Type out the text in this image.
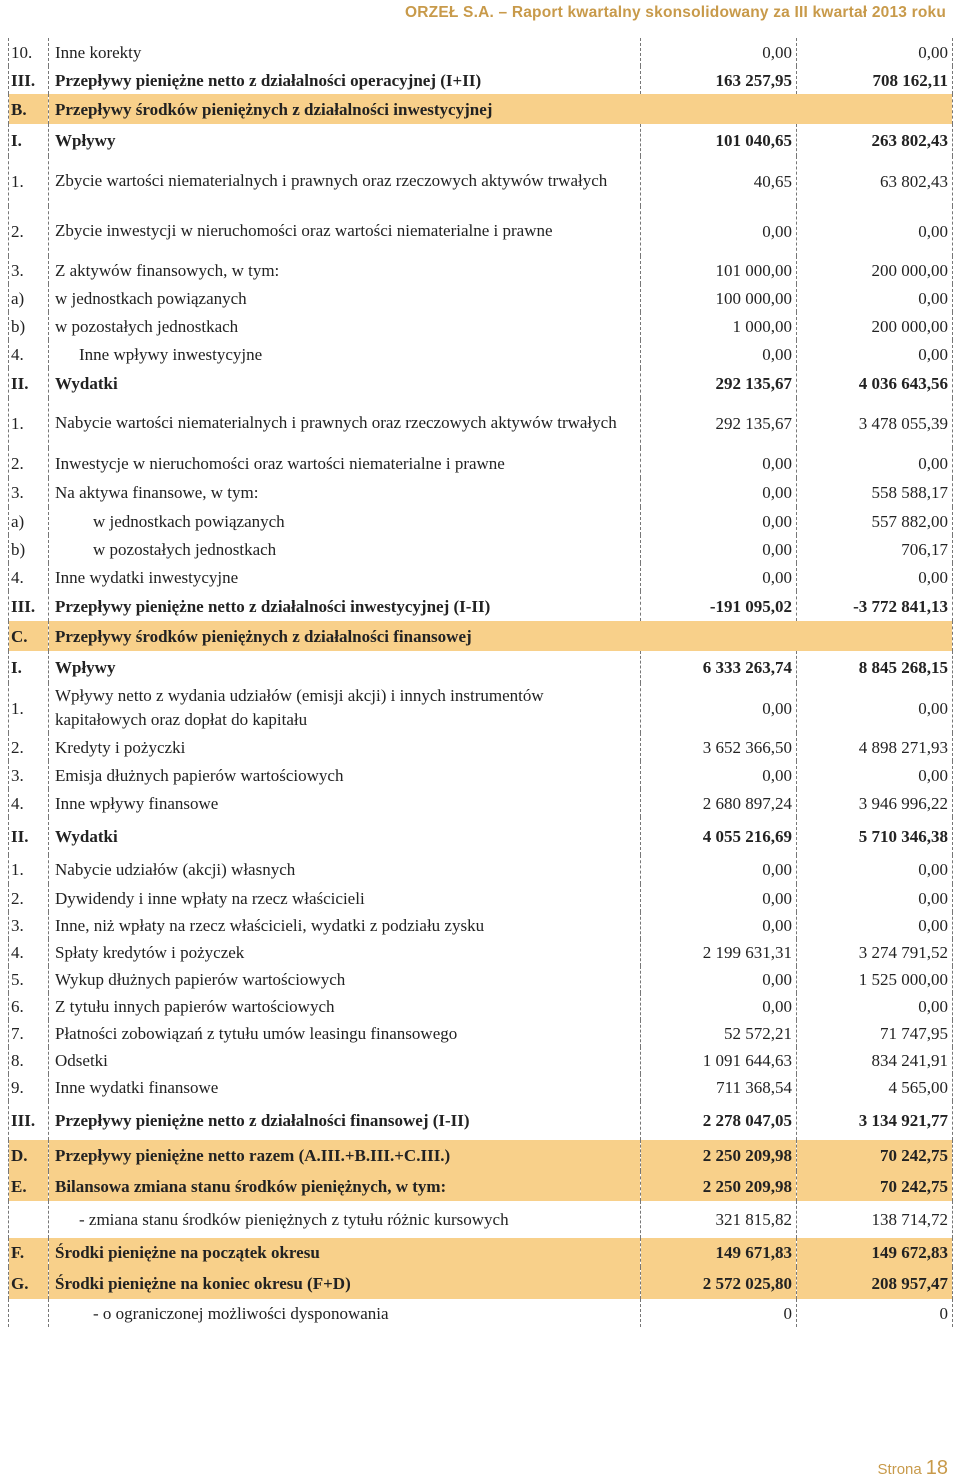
ORZEŁ S.A. – Raport kwartalny skonsolidowany za III kwartał 2013 roku
10.	Inne korekty	0,00	0,00
III.	Przepływy pieniężne netto z działalności operacyjnej (I+II)	163 257,95	708 162,11
B.	Przepływy środków pieniężnych z działalności inwestycyjnej		
I.	Wpływy	101 040,65	263 802,43
1.	Zbycie wartości niematerialnych i prawnych oraz rzeczowych aktywów trwałych	40,65	63 802,43
2.	Zbycie inwestycji w nieruchomości oraz wartości niematerialne i prawne	0,00	0,00
3.	Z aktywów finansowych, w tym:	101 000,00	200 000,00
a)	w jednostkach powiązanych	100 000,00	0,00
b)	w pozostałych jednostkach	1 000,00	200 000,00
4.	Inne wpływy inwestycyjne	0,00	0,00
II.	Wydatki	292 135,67	4 036 643,56
1.	Nabycie wartości niematerialnych i prawnych oraz rzeczowych aktywów trwałych	292 135,67	3 478 055,39
2.	Inwestycje w nieruchomości oraz wartości niematerialne i prawne	0,00	0,00
3.	Na aktywa finansowe, w tym:	0,00	558 588,17
a)	w jednostkach powiązanych	0,00	557 882,00
b)	w pozostałych jednostkach	0,00	706,17
4.	Inne wydatki inwestycyjne	0,00	0,00
III.	Przepływy pieniężne netto z działalności inwestycyjnej (I-II)	-191 095,02	-3 772 841,13
C.	Przepływy środków pieniężnych z działalności finansowej		
I.	Wpływy	6 333 263,74	8 845 268,15
1.	Wpływy netto z wydania udziałów (emisji akcji) i innych instrumentów kapitałowych oraz dopłat do kapitału	0,00	0,00
2.	Kredyty i pożyczki	3 652 366,50	4 898 271,93
3.	Emisja dłużnych papierów wartościowych	0,00	0,00
4.	Inne wpływy finansowe	2 680 897,24	3 946 996,22
II.	Wydatki	4 055 216,69	5 710 346,38
1.	Nabycie udziałów (akcji) własnych	0,00	0,00
2.	Dywidendy i inne wpłaty na rzecz właścicieli	0,00	0,00
3.	Inne, niż wpłaty na rzecz właścicieli, wydatki z podziału zysku	0,00	0,00
4.	Spłaty kredytów i pożyczek	2 199 631,31	3 274 791,52
5.	Wykup dłużnych papierów wartościowych	0,00	1 525 000,00
6.	Z tytułu innych papierów wartościowych	0,00	0,00
7.	Płatności zobowiązań z tytułu umów leasingu finansowego	52 572,21	71 747,95
8.	Odsetki	1 091 644,63	834 241,91
9.	Inne wydatki finansowe	711 368,54	4 565,00
III.	Przepływy pieniężne netto z działalności finansowej (I-II)	2 278 047,05	3 134 921,77
D.	Przepływy pieniężne netto razem (A.III.+B.III.+C.III.)	2 250 209,98	70 242,75
E.	Bilansowa zmiana stanu środków pieniężnych, w tym:	2 250 209,98	70 242,75
	- zmiana stanu środków pieniężnych z tytułu różnic kursowych	321 815,82	138 714,72
F.	Środki pieniężne na początek okresu	149 671,83	149 672,83
G.	Środki pieniężne na koniec okresu (F+D)	2 572 025,80	208 957,47
	- o ograniczonej możliwości dysponowania	0	0
Strona 18
